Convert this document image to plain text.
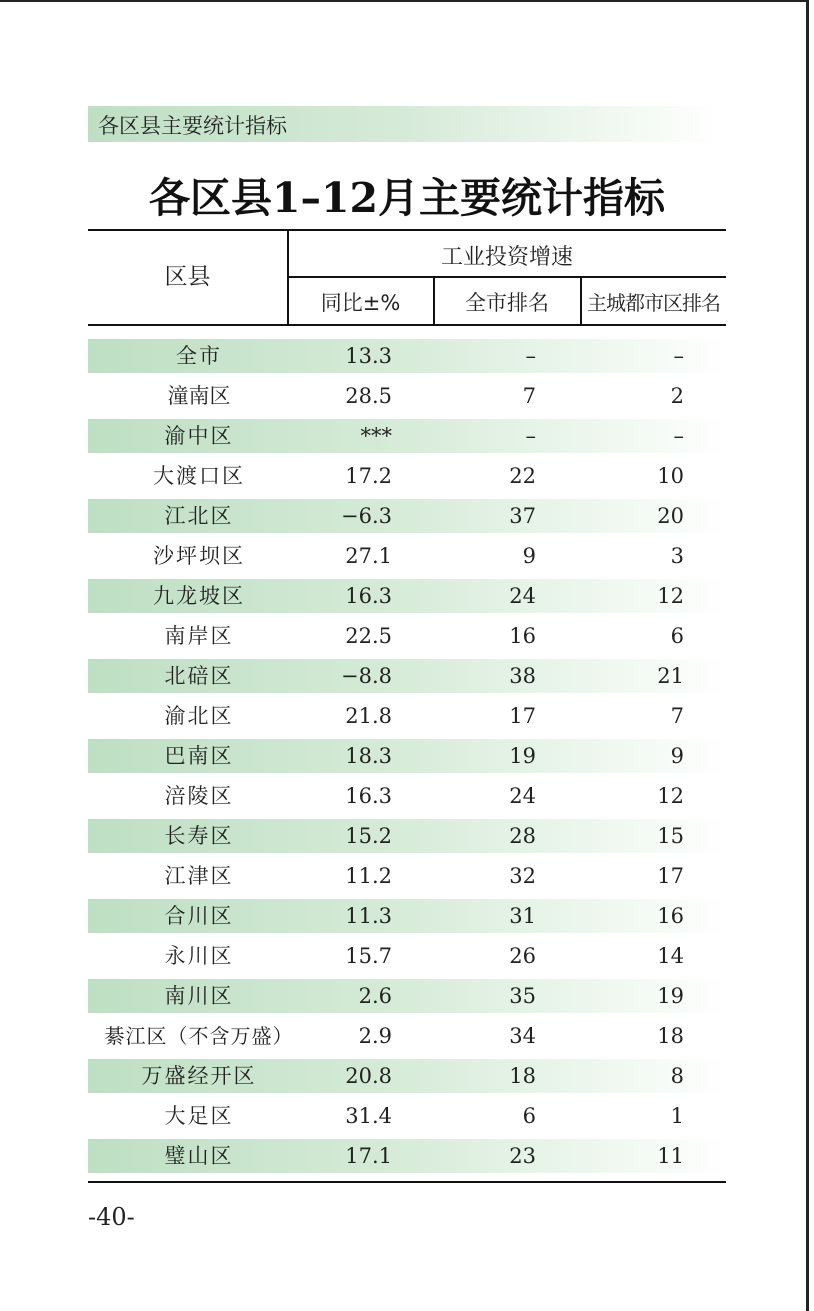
各区县主要统计指标
各区县1–12月主要统计指标
区县
工业投资增速
同比±%	全市排名	主城都市区排名
全市	13.3	–	–
潼南区	28.5	7	2
渝中区	***	–	–
大渡口区	17.2	22	10
江北区	−6.3	37	20
沙坪坝区	27.1	9	3
九龙坡区	16.3	24	12
南岸区	22.5	16	6
北碚区	−8.8	38	21
渝北区	21.8	17	7
巴南区	18.3	19	9
涪陵区	16.3	24	12
长寿区	15.2	28	15
江津区	11.2	32	17
合川区	11.3	31	16
永川区	15.7	26	14
南川区	2.6	35	19
綦江区（不含万盛）	2.9	34	18
万盛经开区	20.8	18	8
大足区	31.4	6	1
璧山区	17.1	23	11
-40-
